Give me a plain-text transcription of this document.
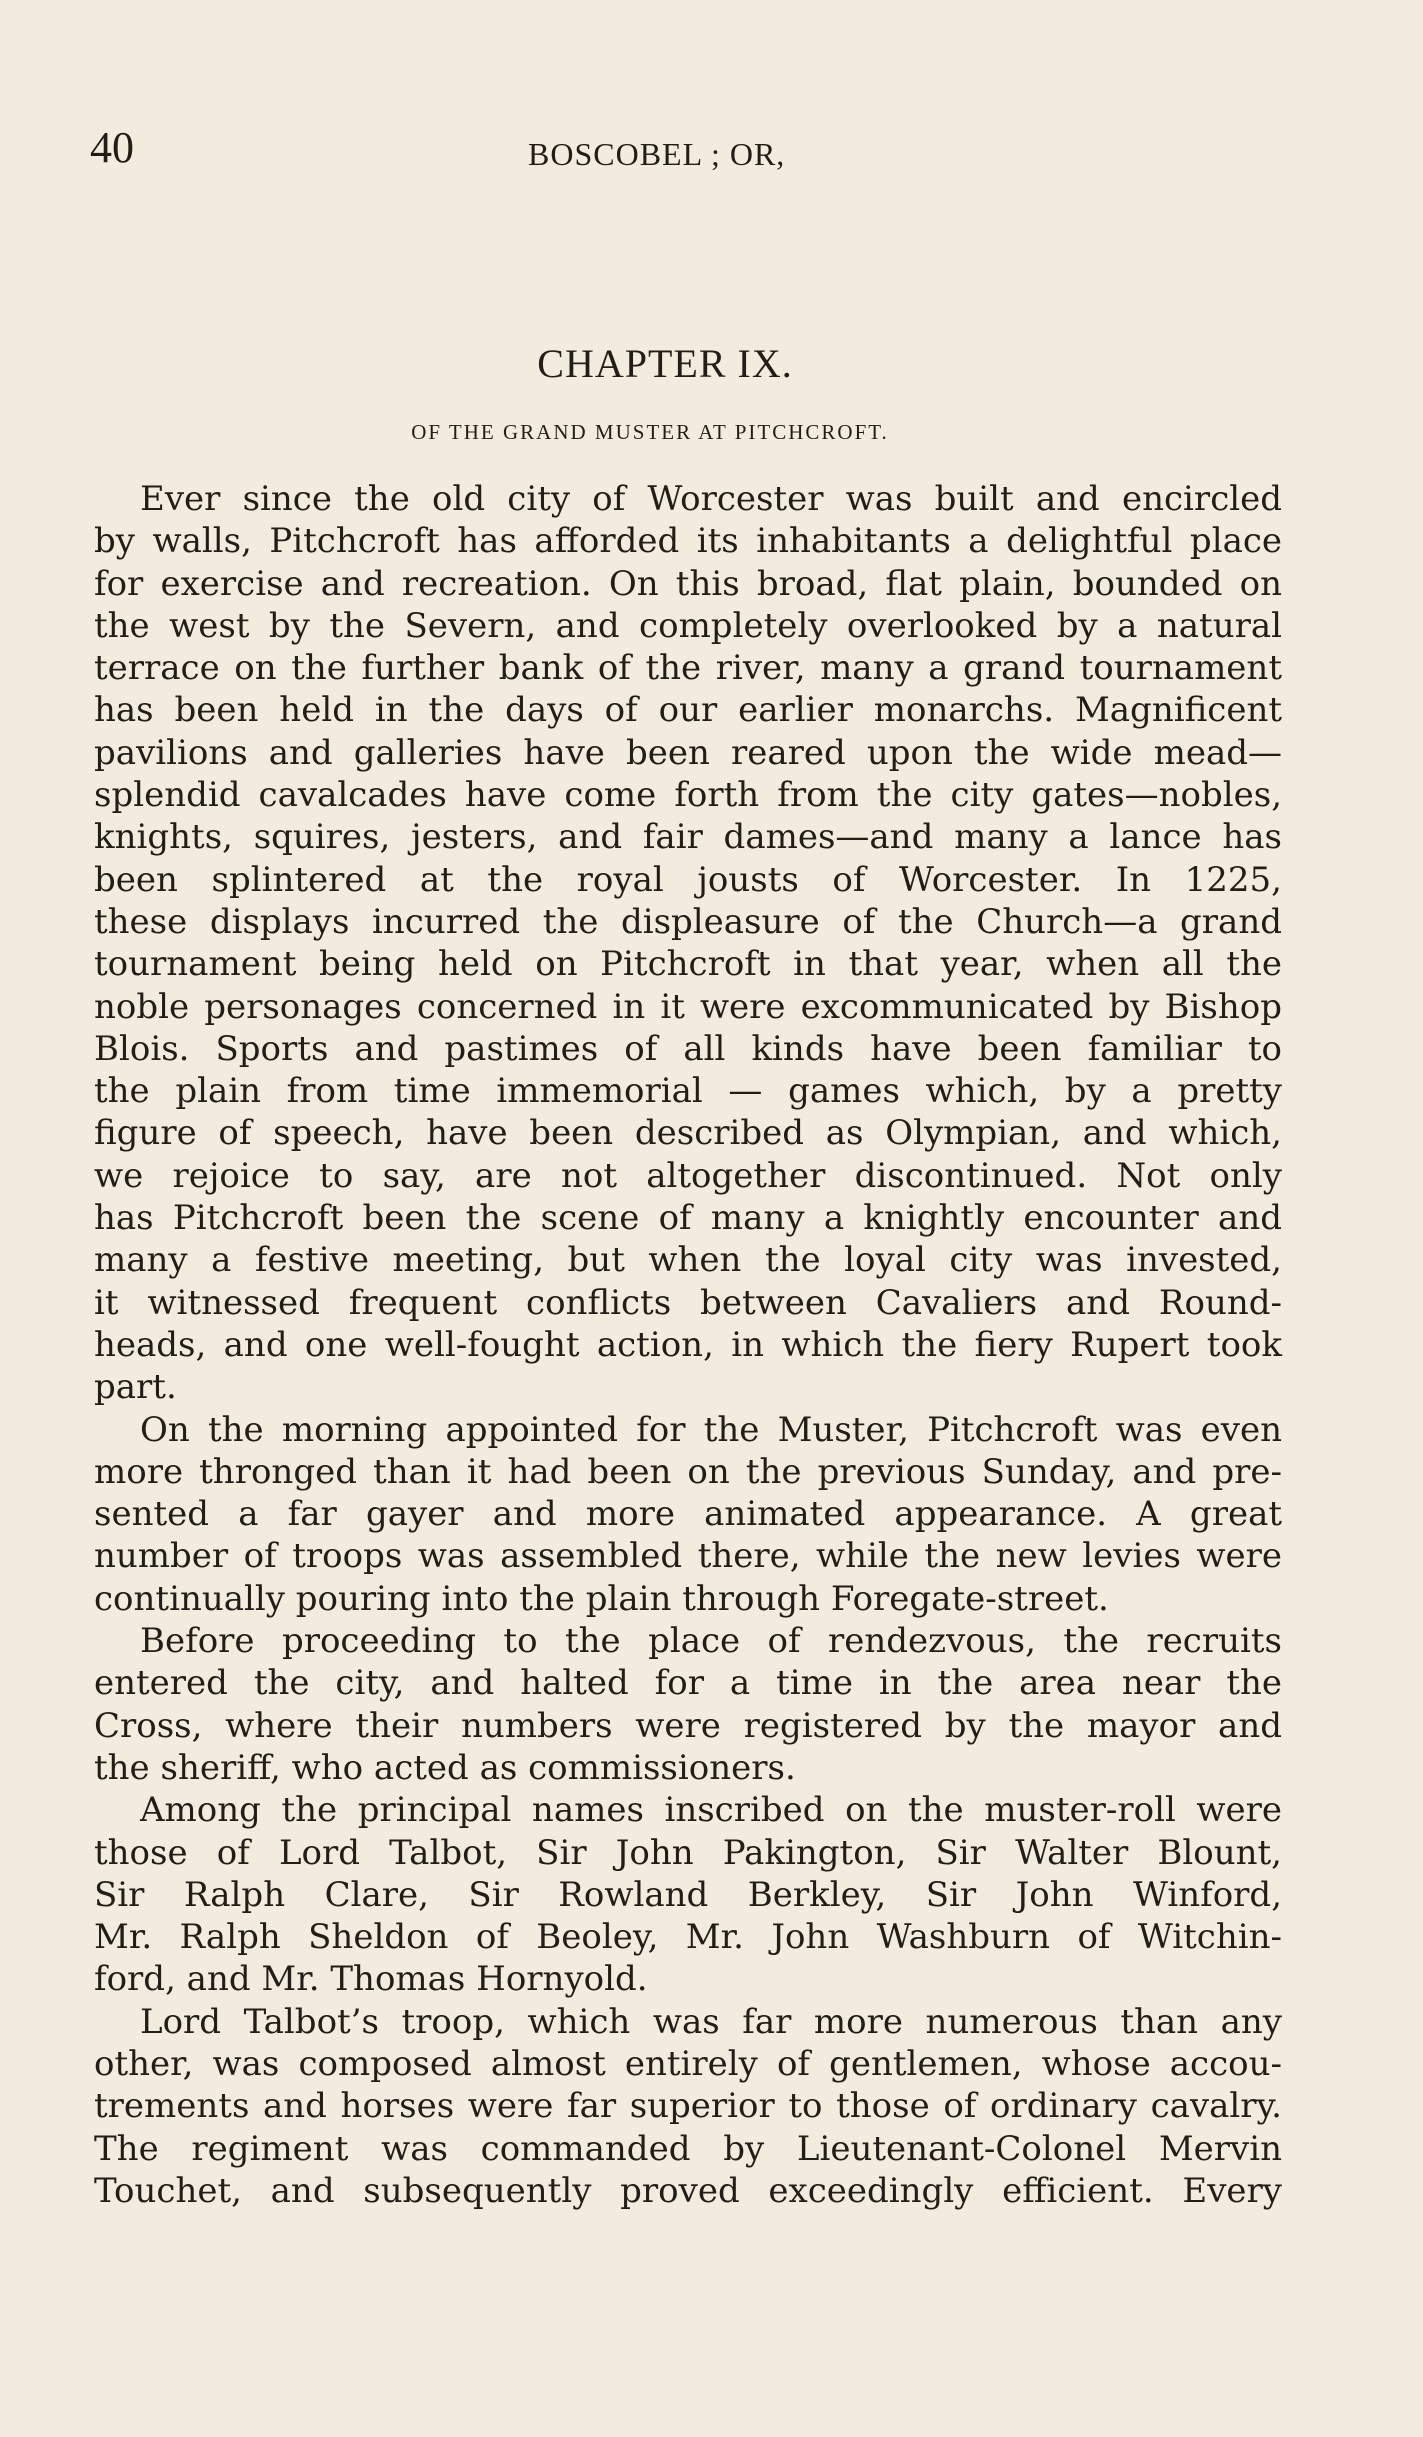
40	BOSCOBEL ; OR,
CHAPTER IX.
OF THE GRAND MUSTER AT PITCHCROFT.
Ever since the old city of Worcester was built and encircled
by walls, Pitchcroft has afforded its inhabitants a delightful place
for exercise and recreation. On this broad, flat plain, bounded on
the west by the Severn, and completely overlooked by a natural
terrace on the further bank of the river, many a grand tournament
has been held in the days of our earlier monarchs. Magnificent
pavilions and galleries have been reared upon the wide mead—
splendid cavalcades have come forth from the city gates—nobles,
knights, squires, jesters, and fair dames—and many a lance has
been splintered at the royal jousts of Worcester. In 1225,
these displays incurred the displeasure of the Church—a grand
tournament being held on Pitchcroft in that year, when all the
noble personages concerned in it were excommunicated by Bishop
Blois. Sports and pastimes of all kinds have been familiar to
the plain from time immemorial — games which, by a pretty
figure of speech, have been described as Olympian, and which,
we rejoice to say, are not altogether discontinued. Not only
has Pitchcroft been the scene of many a knightly encounter and
many a festive meeting, but when the loyal city was invested,
it witnessed frequent conflicts between Cavaliers and Round-
heads, and one well-fought action, in which the fiery Rupert took
part.
On the morning appointed for the Muster, Pitchcroft was even
more thronged than it had been on the previous Sunday, and pre-
sented a far gayer and more animated appearance. A great
number of troops was assembled there, while the new levies were
continually pouring into the plain through Foregate-street.
Before proceeding to the place of rendezvous, the recruits
entered the city, and halted for a time in the area near the
Cross, where their numbers were registered by the mayor and
the sheriff, who acted as commissioners.
Among the principal names inscribed on the muster-roll were
those of Lord Talbot, Sir John Pakington, Sir Walter Blount,
Sir Ralph Clare, Sir Rowland Berkley, Sir John Winford,
Mr. Ralph Sheldon of Beoley, Mr. John Washburn of Witchin-
ford, and Mr. Thomas Hornyold.
Lord Talbot’s troop, which was far more numerous than any
other, was composed almost entirely of gentlemen, whose accou-
trements and horses were far superior to those of ordinary cavalry.
The regiment was commanded by Lieutenant-Colonel Mervin
Touchet, and subsequently proved exceedingly efficient. Every
